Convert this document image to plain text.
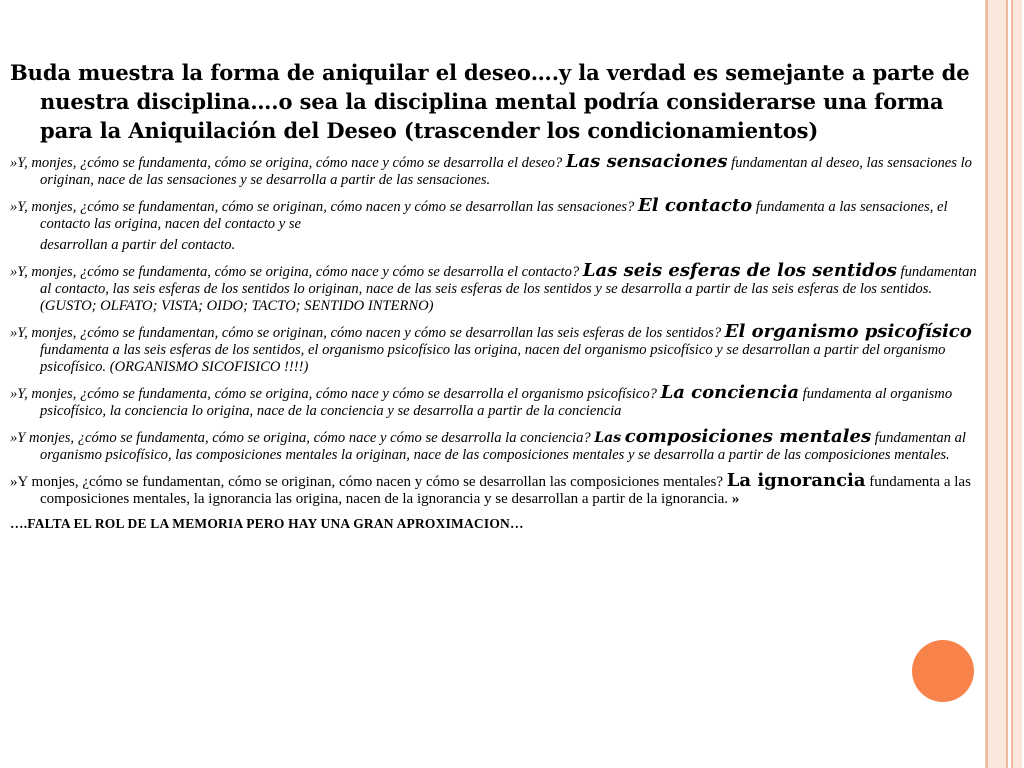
Buda muestra la forma de aniquilar el deseo….y la verdad es semejante a parte de nuestra disciplina….o sea la disciplina mental podría considerarse una forma para la Aniquilación del Deseo (trascender los condicionamientos)

»Y, monjes, ¿cómo se fundamenta, cómo se origina, cómo nace y cómo se desarrolla el deseo? Las sensaciones fundamentan al deseo, las sensaciones lo originan, nace de las sensaciones y se desarrolla a partir de las sensaciones.

»Y, monjes, ¿cómo se fundamentan, cómo se originan, cómo nacen y cómo se desarrollan las sensaciones? El contacto fundamenta a las sensaciones, el contacto las origina, nacen del contacto y se
desarrollan a partir del contacto.

»Y, monjes, ¿cómo se fundamenta, cómo se origina, cómo nace y cómo se desarrolla el contacto? Las seis esferas de los sentidos fundamentan al contacto, las seis esferas de los sentidos lo originan, nace de las seis esferas de los sentidos y se desarrolla a partir de las seis esferas de los sentidos. (GUSTO; OLFATO; VISTA; OIDO; TACTO; SENTIDO INTERNO)

»Y, monjes, ¿cómo se fundamentan, cómo se originan, cómo nacen y cómo se desarrollan las seis esferas de los sentidos? El organismo psicofísico fundamenta a las seis esferas de los sentidos, el organismo psicofísico las origina, nacen del organismo psicofísico y se desarrollan a partir del organismo psicofísico. (ORGANISMO SICOFISICO !!!!)

»Y, monjes, ¿cómo se fundamenta, cómo se origina, cómo nace y cómo se desarrolla el organismo psicofísico? La conciencia fundamenta al organismo psicofísico, la conciencia lo origina, nace de la conciencia y se desarrolla a partir de la conciencia

»Y monjes, ¿cómo se fundamenta, cómo se origina, cómo nace y cómo se desarrolla la conciencia? Las composiciones mentales fundamentan al organismo psicofísico, las composiciones mentales la originan, nace de las composiciones mentales y se desarrolla a partir de las composiciones mentales.

»Y monjes, ¿cómo se fundamentan, cómo se originan, cómo nacen y cómo se desarrollan las composiciones mentales? La ignorancia fundamenta a las composiciones mentales, la ignorancia las origina, nacen de la ignorancia y se desarrollan a partir de la ignorancia. »

….FALTA EL ROL DE LA MEMORIA PERO HAY UNA GRAN APROXIMACION…
